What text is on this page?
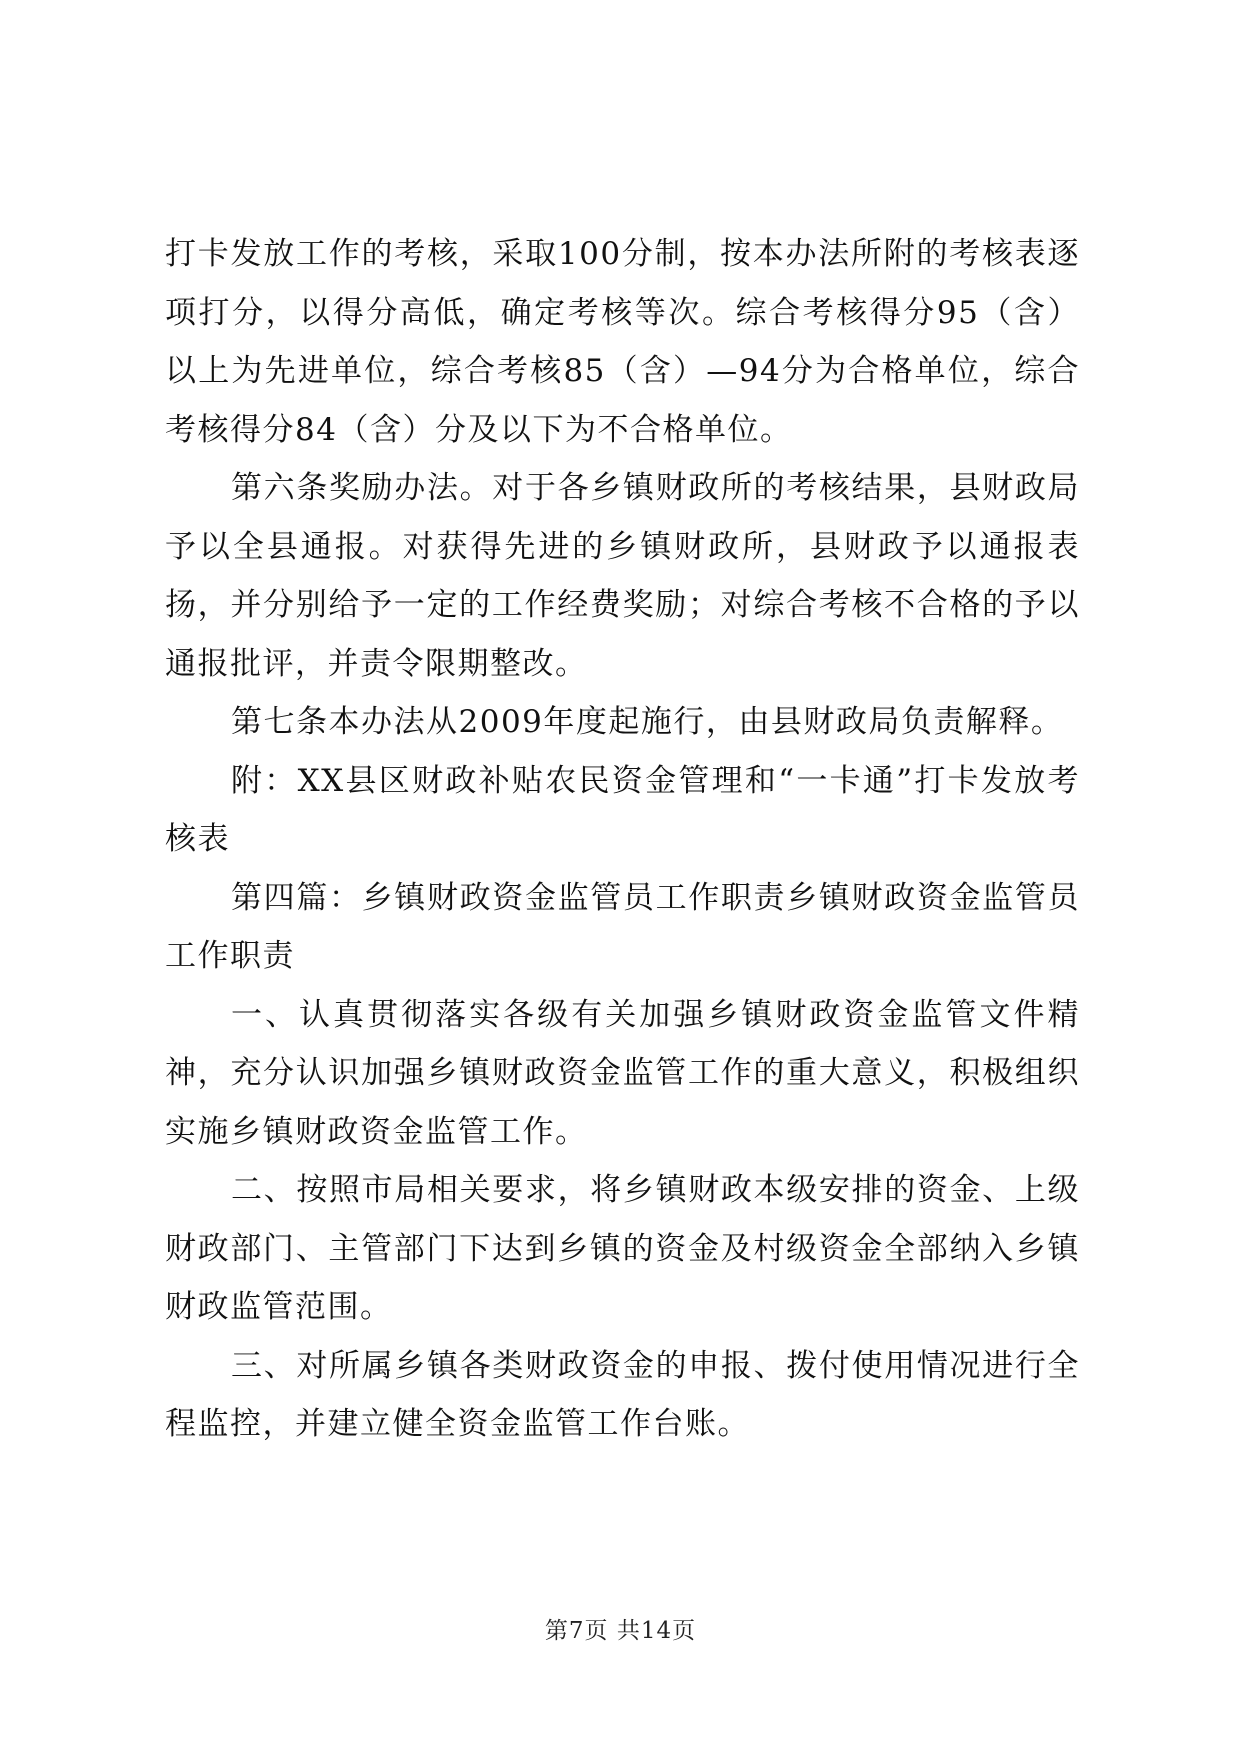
打卡发放工作的考核，采取100分制，按本办法所附的考核表逐项打分，以得分高低，确定考核等次。综合考核得分95（含）以上为先进单位，综合考核85（含）—94分为合格单位，综合考核得分84（含）分及以下为不合格单位。

第六条奖励办法。对于各乡镇财政所的考核结果，县财政局予以全县通报。对获得先进的乡镇财政所，县财政予以通报表扬，并分别给予一定的工作经费奖励；对综合考核不合格的予以通报批评，并责令限期整改。

第七条本办法从2009年度起施行，由县财政局负责解释。

附：XX县区财政补贴农民资金管理和“一卡通”打卡发放考核表

第四篇：乡镇财政资金监管员工作职责乡镇财政资金监管员工作职责

一、认真贯彻落实各级有关加强乡镇财政资金监管文件精神，充分认识加强乡镇财政资金监管工作的重大意义，积极组织实施乡镇财政资金监管工作。

二、按照市局相关要求，将乡镇财政本级安排的资金、上级财政部门、主管部门下达到乡镇的资金及村级资金全部纳入乡镇财政监管范围。

三、对所属乡镇各类财政资金的申报、拨付使用情况进行全程监控，并建立健全资金监管工作台账。

第7页 共14页
